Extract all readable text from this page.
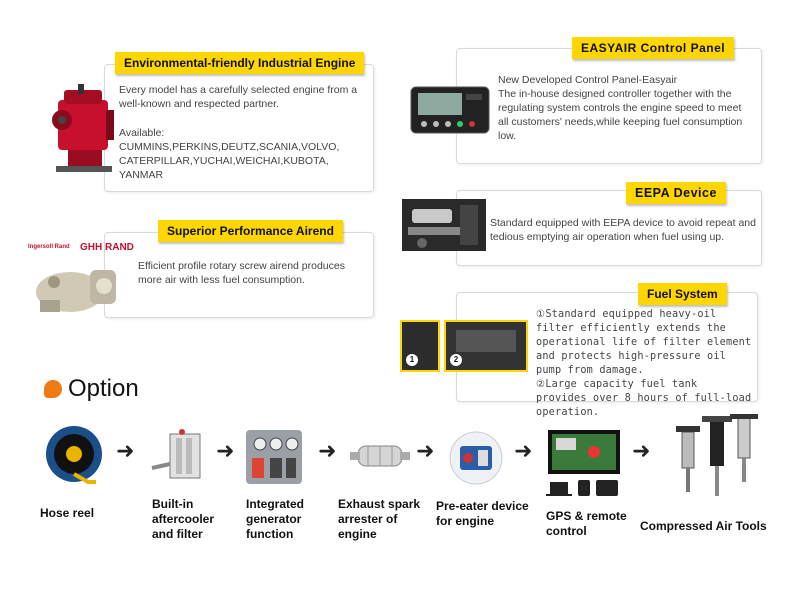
Environmental-friendly Industrial Engine
Every model has a carefully selected engine from a well-known and respected partner.
Available:
CUMMINS,PERKINS,DEUTZ,SCANIA,VOLVO, CATERPILLAR,YUCHAI,WEICHAI,KUBOTA, YANMAR
Superior Performance Airend
Efficient profile rotary screw airend produces more air with less fuel consumption.
Ingersoll Rand GHH RAND
EASYAIR Control Panel
New Developed Control Panel-Easyair
The in-house designed controller together with the regulating system controls the engine speed to meet all customers' needs,while keeping fuel consumption low.
EEPA Device
Standard equipped with EEPA device to avoid repeat and tedious emptying air operation when fuel using up.
Fuel System
①Standard equipped heavy-oil filter efficiently extends the operational life of filter element and protects high-pressure oil pump from damage.
②Large capacity fuel tank provides over 8 hours of full-load operation.
1	2
Option
➜	➜	➜	➜	➜	➜
Hose reel
Built-in
aftercooler
and filter
Integrated
generator
function
Exhaust spark
arrester of
engine
Pre-eater device
for engine	GPS & remote
control	Compressed Air Tools
